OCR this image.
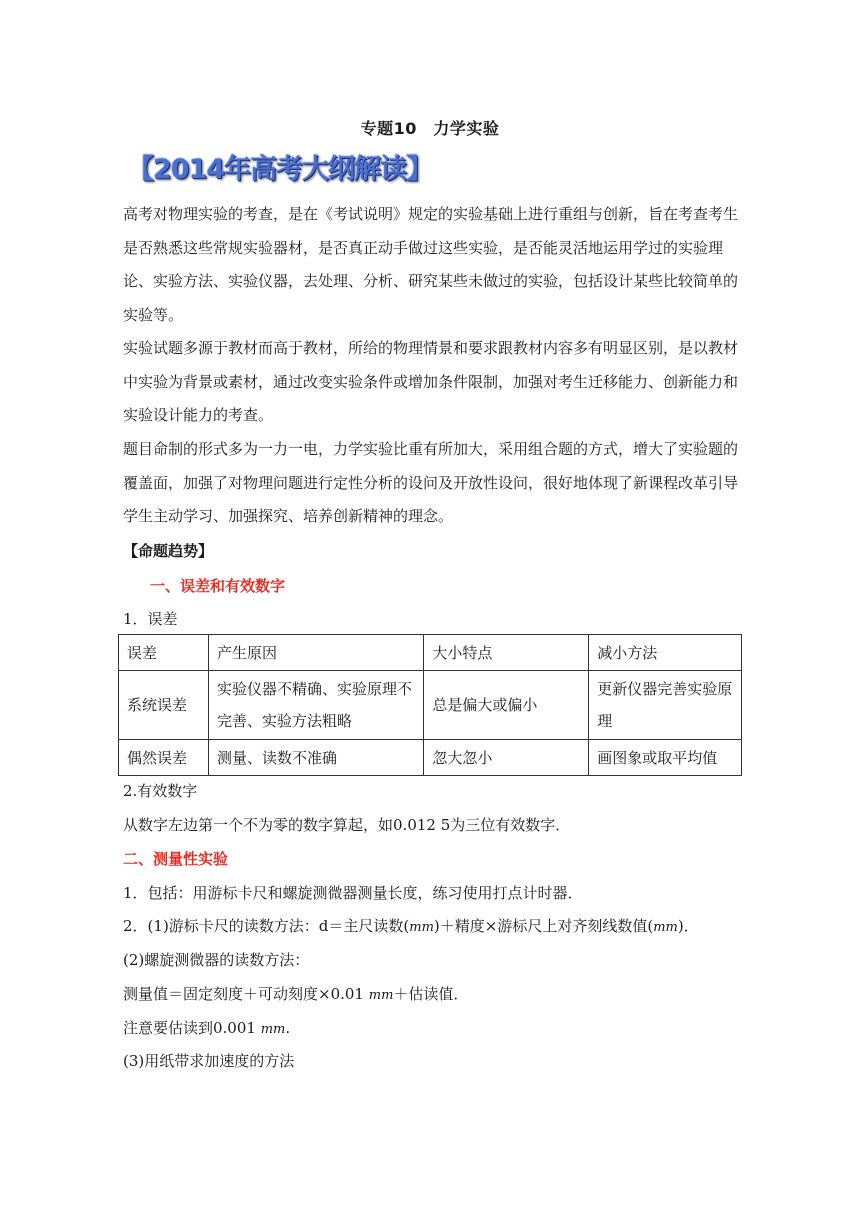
专题10　力学实验
【2014年高考大纲解读】

高考对物理实验的考查，是在《考试说明》规定的实验基础上进行重组与创新，旨在考查考生是否熟悉这些常规实验器材，是否真正动手做过这些实验，是否能灵活地运用学过的实验理论、实验方法、实验仪器，去处理、分析、研究某些未做过的实验，包括设计某些比较简单的实验等。

实验试题多源于教材而高于教材，所给的物理情景和要求跟教材内容多有明显区别，是以教材中实验为背景或素材，通过改变实验条件或增加条件限制，加强对考生迁移能力、创新能力和实验设计能力的考查。

题目命制的形式多为一力一电，力学实验比重有所加大，采用组合题的方式，增大了实验题的覆盖面，加强了对物理问题进行定性分析的设问及开放性设问，很好地体现了新课程改革引导学生主动学习、加强探究、培养创新精神的理念。

【命题趋势】
一、误差和有效数字
1．误差
误差	产生原因	大小特点	减小方法
系统误差	实验仪器不精确、实验原理不完善、实验方法粗略	总是偏大或偏小	更新仪器完善实验原理
偶然误差	测量、读数不准确	忽大忽小	画图象或取平均值
2.有效数字
从数字左边第一个不为零的数字算起，如0.012 5为三位有效数字．
二、测量性实验
1．包括：用游标卡尺和螺旋测微器测量长度，练习使用打点计时器．
2．(1)游标卡尺的读数方法：d＝主尺读数(mm)＋精度×游标尺上对齐刻线数值(mm)．
(2)螺旋测微器的读数方法：
测量值＝固定刻度＋可动刻度×0.01 mm＋估读值．
注意要估读到0.001 mm.
(3)用纸带求加速度的方法
